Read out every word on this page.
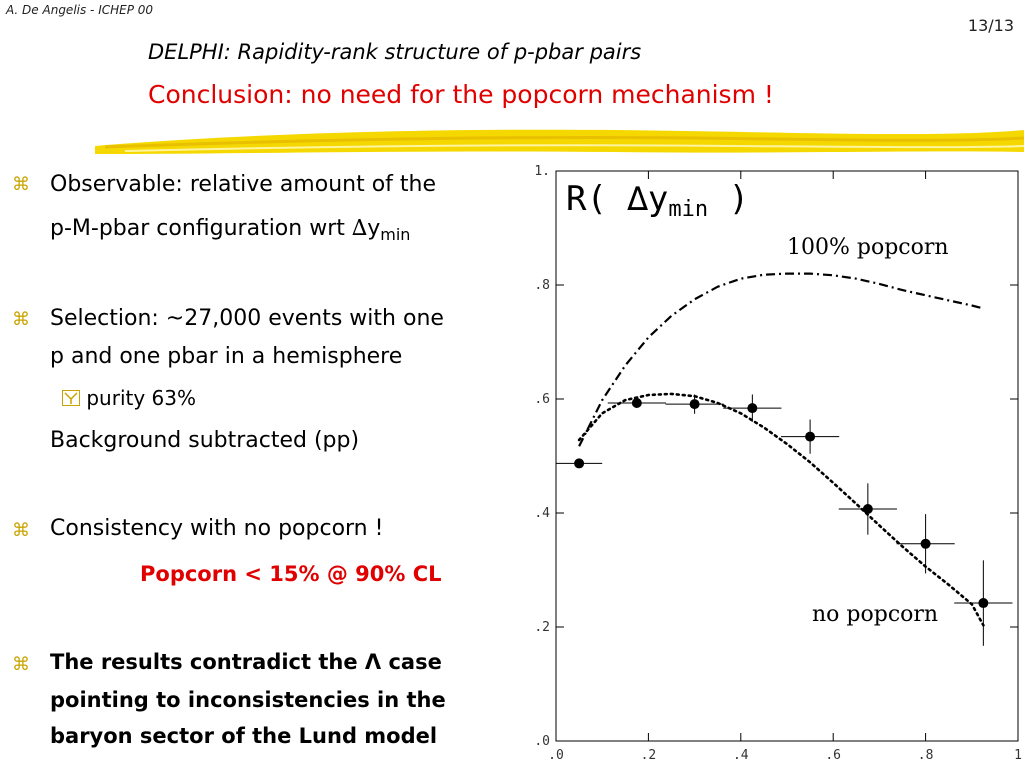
A. De Angelis - ICHEP 00
13/13
DELPHI: Rapidity-rank structure of p-pbar pairs
Conclusion: no need for the popcorn mechanism !
⌘ Observable: relative amount of the
p-M-pbar configuration wrt $\Delta y_{min}$
⌘ Selection: ~27,000 events with one
p and one pbar in a hemisphere
purity 63%
Background subtracted (pp)
⌘ Consistency with no popcorn !
Popcorn < 15% @ 90% CL
⌘ The results contradict the Λ case
pointing to inconsistencies in the
baryon sector of the Lund model	.0
.2
.4
.6
.8
1.
.0	.2	.4	.6	.8	1
R( ∆ymin )
100% popcorn
no popcorn
